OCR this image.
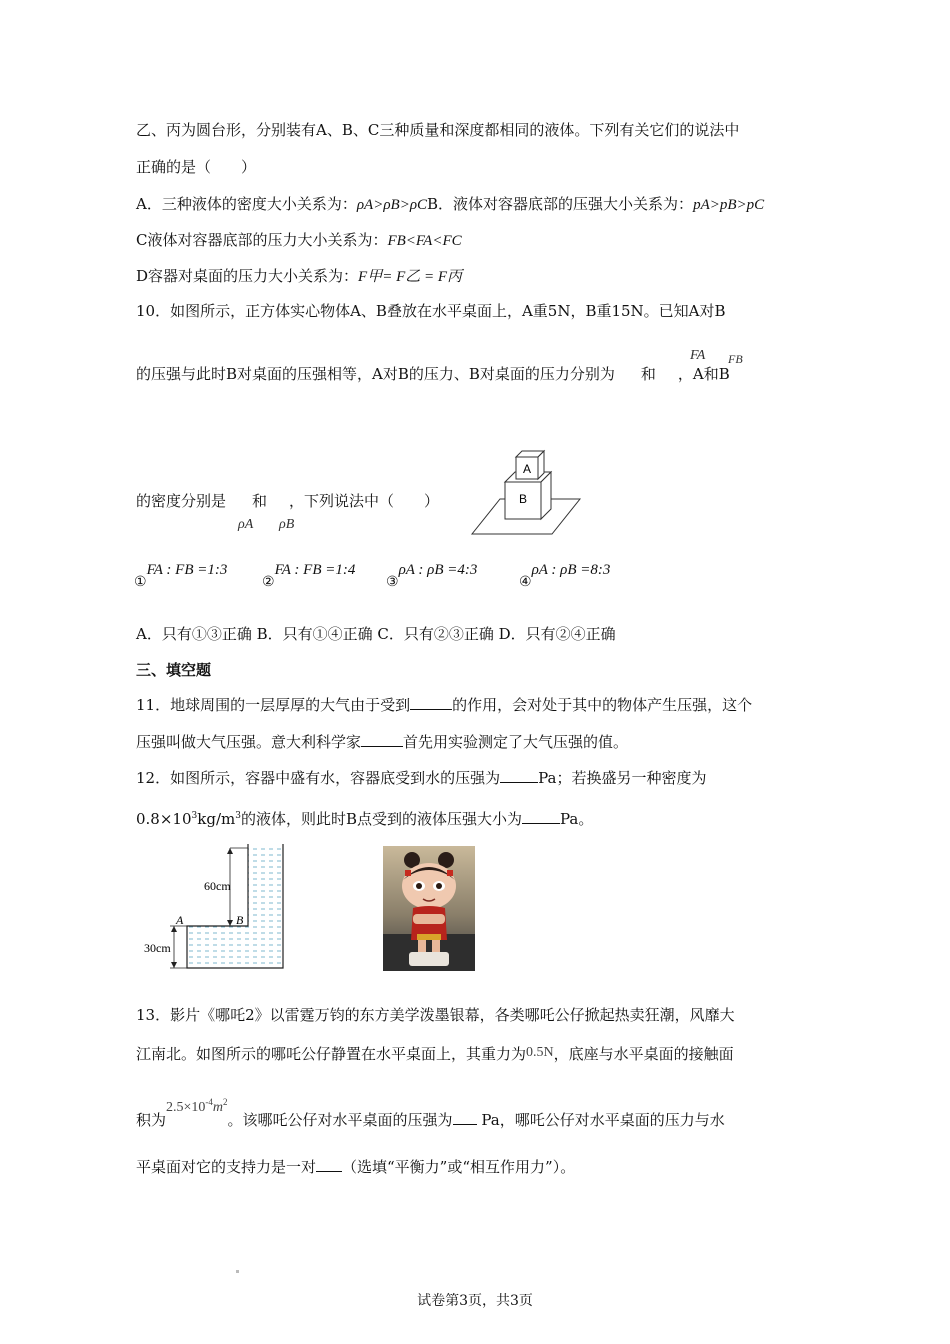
乙、丙为圆台形，分别装有A、B、C三种质量和深度都相同的液体。下列有关它们的说法中
正确的是（　　）
A．三种液体的密度大小关系为：ρA>ρB>ρCB．液体对容器底部的压强大小关系为：pA>pB>pC
C液体对容器底部的压力大小关系为：FB<FA<FC
D容器对桌面的压力大小关系为：F甲= F乙 = F丙
10．如图所示，正方体实心物体A、B叠放在水平桌面上，A重5N，B重15N。已知A对B
的压强与此时B对桌面的压强相等，A对B的压力、B对桌面的压力分别为 和 ，A和B
FA FB
的密度分别是 和 ，下列说法中（　　）
ρA ρB
A
B
①FA : FB =1:3
②FA : FB =1:4
③ρA : ρB =4:3
④ρA : ρB =8:3
A．只有①③正确 B．只有①④正确 C．只有②③正确 D．只有②④正确
三、填空题
11．地球周围的一层厚厚的大气由于受到	的作用，会对处于其中的物体产生压强，这个
压强叫做大气压强。意大利科学家	首先用实验测定了大气压强的值。
12．如图所示，容器中盛有水，容器底受到水的压强为	Pa；若换盛另一种密度为
$0.8\times 10^3kg/m^3$的液体，则此时B点受到的液体压强大小为	Pa。
60cm
30cm
A	B
13．影片《哪吒2》以雷霆万钧的东方美学泼墨银幕，各类哪吒公仔掀起热卖狂潮，风靡大
江南北。如图所示的哪吒公仔静置在水平桌面上，其重力为0.5N，底座与水平桌面的接触面
积为$2.5\times 10^{-4}m^2$。该哪吒公仔对水平桌面的压强为 Pa，哪吒公仔对水平桌面的压力与水
平桌面对它的支持力是一对 （选填“平衡力”或“相互作用力”）。
试卷第3页，共3页
